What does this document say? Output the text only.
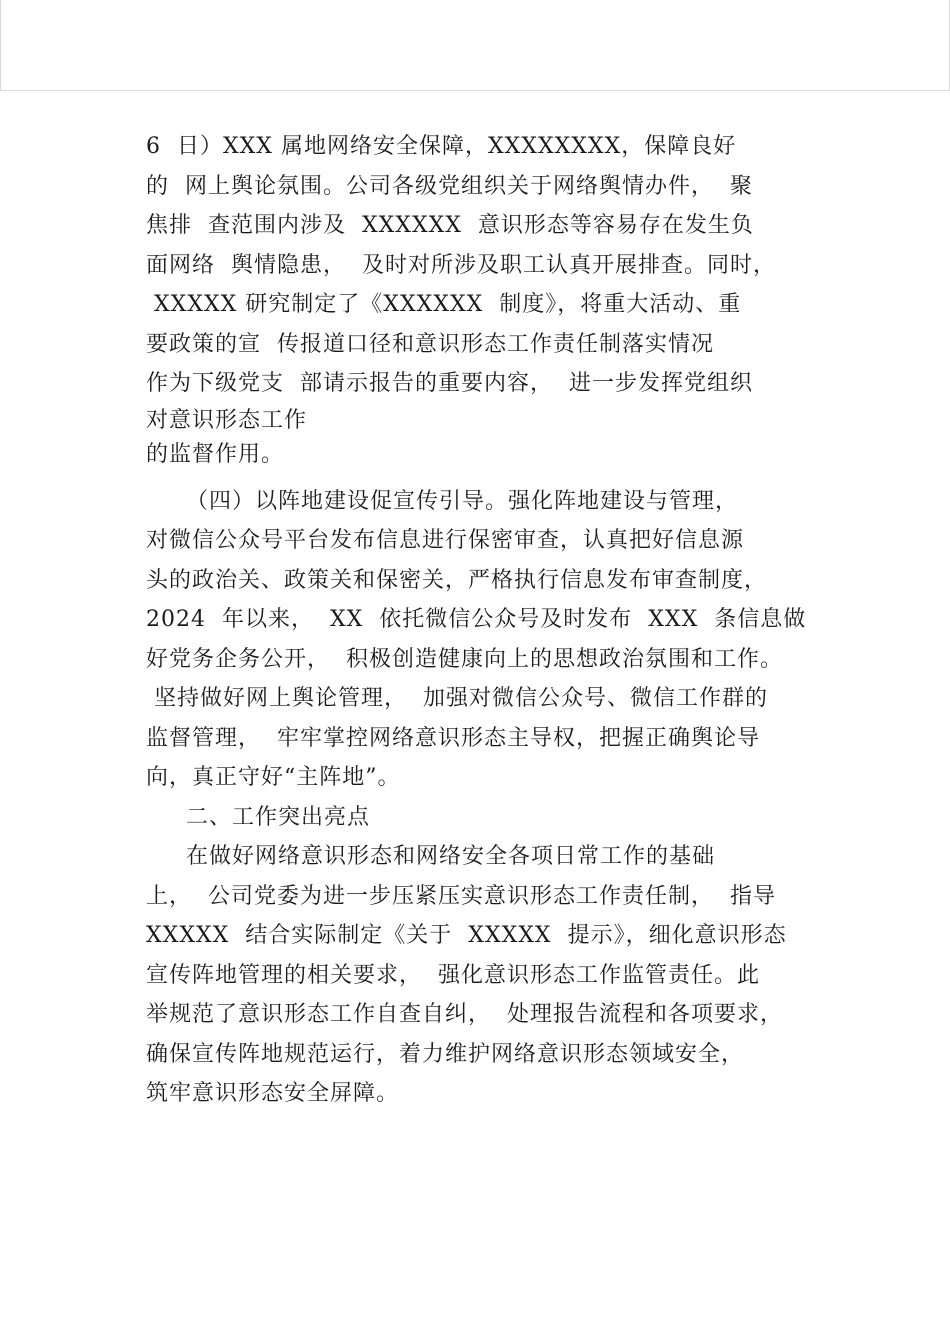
6  日）XXX 属地网络安全保障，XXXXXXXX，保障良好
的  网上舆论氛围。公司各级党组织关于网络舆情办件，  聚
焦排  查范围内涉及  XXXXXX  意识形态等容易存在发生负
面网络  舆情隐患，  及时对所涉及职工认真开展排查。同时，
XXXXX 研究制定了《XXXXXX  制度》，将重大活动、重
要政策的宣  传报道口径和意识形态工作责任制落实情况
作为下级党支  部请示报告的重要内容，  进一步发挥党组织
对意识形态工作
的监督作用。
（四）以阵地建设促宣传引导。强化阵地建设与管理，
对微信公众号平台发布信息进行保密审查，认真把好信息源
头的政治关、政策关和保密关，严格执行信息发布审查制度，
2024  年以来，  XX  依托微信公众号及时发布  XXX  条信息做
好党务企务公开，  积极创造健康向上的思想政治氛围和工作。
坚持做好网上舆论管理，  加强对微信公众号、微信工作群的
监督管理，  牢牢掌控网络意识形态主导权，把握正确舆论导
向，真正守好“主阵地”。
二、工作突出亮点
在做好网络意识形态和网络安全各项日常工作的基础
上，  公司党委为进一步压紧压实意识形态工作责任制，  指导
XXXXX  结合实际制定《关于  XXXXX  提示》，细化意识形态
宣传阵地管理的相关要求，  强化意识形态工作监管责任。此
举规范了意识形态工作自查自纠，  处理报告流程和各项要求，
确保宣传阵地规范运行，着力维护网络意识形态领域安全，
筑牢意识形态安全屏障。
